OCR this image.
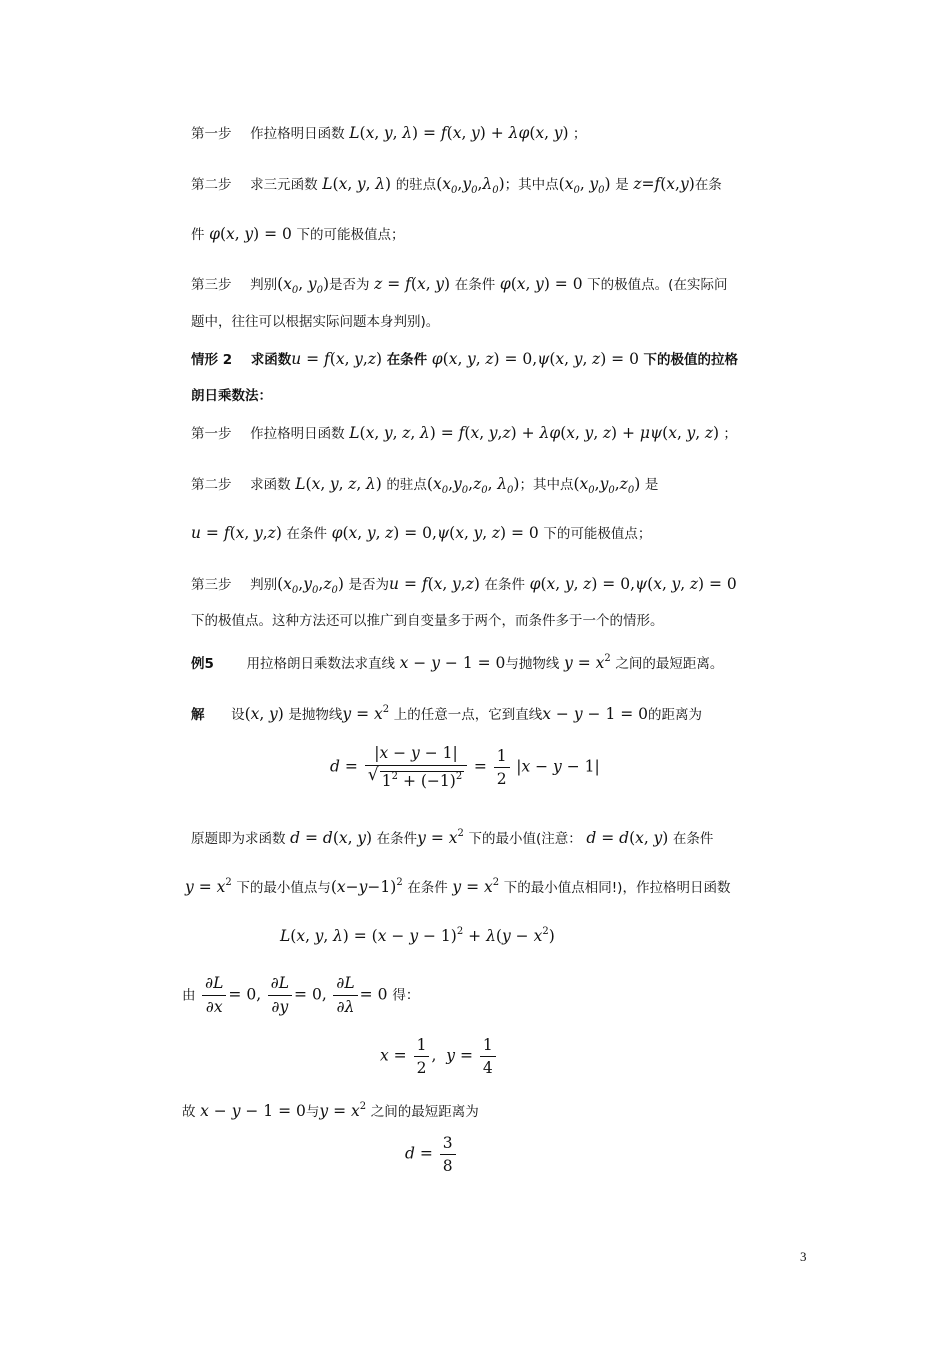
第一步 作拉格明日函数 L(x, y, λ) = f(x, y) + λφ(x, y) ；
第二步 求三元函数 L(x, y, λ) 的驻点$(x_0,y_0,\lambda_0)$；其中点($x_0$, $y_0$) 是 z=f(x,y)在条
件 φ(x, y) = 0 下的可能极值点；
第三步 判别($x_0$, $y_0$)是否为 z = f(x, y) 在条件 φ(x, y) = 0 下的极值点。(在实际问
题中，往往可以根据实际问题本身判别)。
情形 2 求函数u = f(x, y,z) 在条件 φ(x, y, z) = 0,ψ(x, y, z) = 0 下的极值的拉格
朗日乘数法：
第一步 作拉格明日函数 L(x, y, z, λ) = f(x, y,z) + λφ(x, y, z) + μψ(x, y, z) ；
第二步 求函数 L(x, y, z, λ) 的驻点($x_0,y_0,z_0$, $\lambda_0$)；其中点$(x_0,y_0,z_0)$ 是
u = f(x, y,z) 在条件 φ(x, y, z) = 0,ψ(x, y, z) = 0 下的可能极值点；
第三步 判别$(x_0,y_0,z_0)$ 是否为u = f(x, y,z) 在条件 φ(x, y, z) = 0,ψ(x, y, z) = 0
下的极值点。这种方法还可以推广到自变量多于两个，而条件多于一个的情形。
例5 用拉格朗日乘数法求直线 x − y − 1 = 0与抛物线 $y = x^2$ 之间的最短距离。
解 设(x, y) 是抛物线$y = x^2$ 上的任意一点，它到直线x − y − 1 = 0的距离为
$d = \frac{|x - y - 1|}{√ 1^2 + (-1)^2} = \frac{1}{2} |x - y - 1|$
原题即为求函数 d = d(x, y) 在条件$y = x^2$ 下的最小值(注意： d = d(x, y) 在条件
$y = x^2$ 下的最小值点与$(x-y-1)^2$ 在条件 $y = x^2$ 下的最小值点相同!)，作拉格明日函数
L(x, y, $\lambda) = (x - y - 1)^2 + \lambda(y - x^2)$
由 $\frac{\partial L}{\partial x} = 0$, $\frac{\partial L}{\partial y} = 0$, $\frac{\partial L}{\partial\lambda} = 0$ 得：
$x = \frac{1}{2}$ ,  $y = \frac{1}{4}$
故 x − y − 1 = 0与$y = x^2$ 之间的最短距离为
$d = \frac{3}{8}$
3
